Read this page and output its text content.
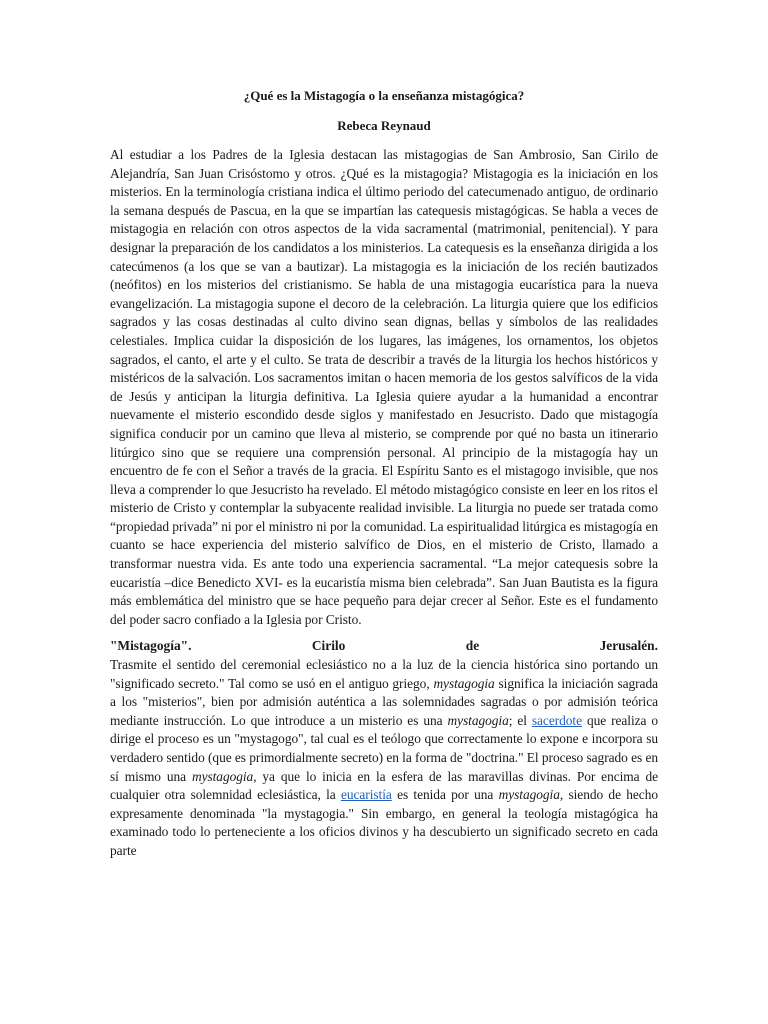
¿Qué es la Mistagogía o la enseñanza mistagógica?
Rebeca Reynaud

Al estudiar a los Padres de la Iglesia destacan las mistagogias de San Ambrosio, San Cirilo de Alejandría, San Juan Crisóstomo y otros. ¿Qué es la mistagogia? Mistagogia es la iniciación en los misterios. En la terminología cristiana indica el último periodo del catecumenado antiguo, de ordinario la semana después de Pascua, en la que se impartían las catequesis mistagógicas. Se habla a veces de mistagogia en relación con otros aspectos de la vida sacramental (matrimonial, penitencial). Y para designar la preparación de los candidatos a los ministerios. La catequesis es la enseñanza dirigida a los catecúmenos (a los que se van a bautizar). La mistagogia es la iniciación de los recién bautizados (neófitos) en los misterios del cristianismo. Se habla de una mistagogia eucarística para la nueva evangelización. La mistagogia supone el decoro de la celebración. La liturgia quiere que los edificios sagrados y las cosas destinadas al culto divino sean dignas, bellas y símbolos de las realidades celestiales. Implica cuidar la disposición de los lugares, las imágenes, los ornamentos, los objetos sagrados, el canto, el arte y el culto. Se trata de describir a través de la liturgia los hechos históricos y mistéricos de la salvación. Los sacramentos imitan o hacen memoria de los gestos salvíficos de la vida de Jesús y anticipan la liturgia definitiva. La Iglesia quiere ayudar a la humanidad a encontrar nuevamente el misterio escondido desde siglos y manifestado en Jesucristo. Dado que mistagogía significa conducir por un camino que lleva al misterio, se comprende por qué no basta un itinerario litúrgico sino que se requiere una comprensión personal. Al principio de la mistagogía hay un encuentro de fe con el Señor a través de la gracia. El Espíritu Santo es el mistagogo invisible, que nos lleva a comprender lo que Jesucristo ha revelado. El método mistagógico consiste en leer en los ritos el misterio de Cristo y contemplar la subyacente realidad invisible. La liturgia no puede ser tratada como “propiedad privada” ni por el ministro ni por la comunidad. La espiritualidad litúrgica es mistagogía en cuanto se hace experiencia del misterio salvífico de Dios, en el misterio de Cristo, llamado a transformar nuestra vida. Es ante todo una experiencia sacramental. “La mejor catequesis sobre la eucaristía –dice Benedicto XVI- es la eucaristía misma bien celebrada”. San Juan Bautista es la figura más emblemática del ministro que se hace pequeño para dejar crecer al Señor. Este es el fundamento del poder sacro confiado a la Iglesia por Cristo.

"Mistagogía".	Cirilo	de	Jerusalén.

Trasmite el sentido del ceremonial eclesiástico no a la luz de la ciencia histórica sino portando un "significado secreto." Tal como se usó en el antiguo griego, mystagogia significa la iniciación sagrada a los "misterios", bien por admisión auténtica a las solemnidades sagradas o por admisión teórica mediante instrucción. Lo que introduce a un misterio es una mystagogia; el sacerdote que realiza o dirige el proceso es un "mystagogo", tal cual es el teólogo que correctamente lo expone e incorpora su verdadero sentido (que es primordialmente secreto) en la forma de "doctrina." El proceso sagrado es en sí mismo una mystagogia, ya que lo inicia en la esfera de las maravillas divinas. Por encima de cualquier otra solemnidad eclesiástica, la eucaristía es tenida por una mystagogia, siendo de hecho expresamente denominada "la mystagogia." Sin embargo, en general la teología mistagógica ha examinado todo lo perteneciente a los oficios divinos y ha descubierto un significado secreto en cada parte
